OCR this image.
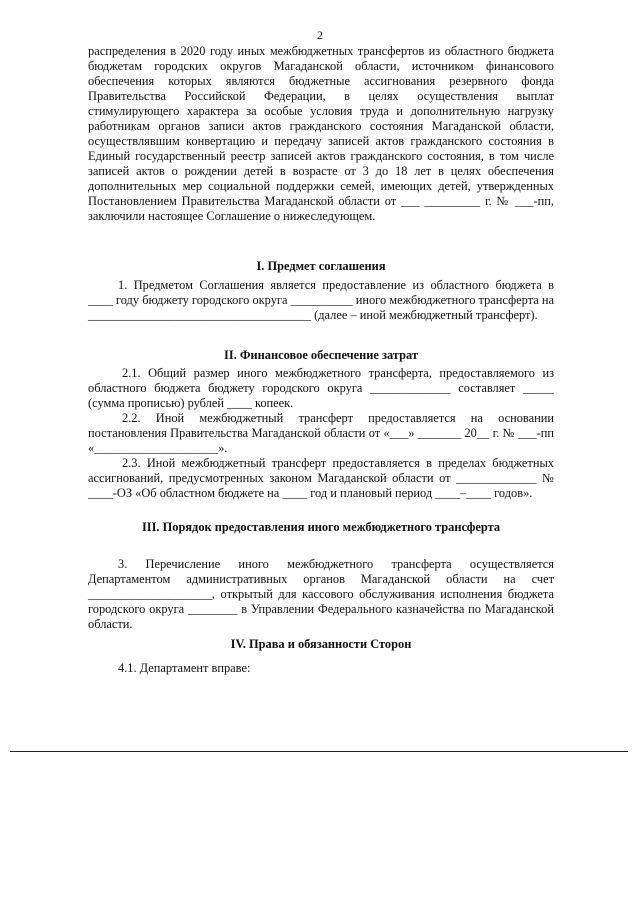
2

распределения в 2020 году иных межбюджетных трансфертов из областного бюджета бюджетам городских округов Магаданской области, источником финансового обеспечения которых являются бюджетные ассигнования резервного фонда Правительства Российской Федерации, в целях осуществления выплат стимулирующего характера за особые условия труда и дополнительную нагрузку работникам органов записи актов гражданского состояния Магаданской области, осуществлявшим конвертацию и передачу записей актов гражданского состояния в Единый государственный реестр записей актов гражданского состояния, в том числе записей актов о рождении детей в возрасте от 3 до 18 лет в целях обеспечения дополнительных мер социальной поддержки семей, имеющих детей, утвержденных Постановлением Правительства Магаданской области от ___ _________ г. № ___-пп, заключили настоящее Соглашение о нижеследующем.

I. Предмет соглашения

1. Предметом Соглашения является предоставление из областного бюджета в ____ году бюджету городского округа __________ иного межбюджетного трансферта на ____________________________________ (далее – иной межбюджетный трансферт).

II. Финансовое обеспечение затрат

2.1. Общий размер иного межбюджетного трансферта, предоставляемого из областного бюджета бюджету городского округа _____________ составляет _____ (сумма прописью) рублей ____ копеек.

2.2. Иной межбюджетный трансферт предоставляется на основании постановления Правительства Магаданской области от «___» _______ 20__ г. № ___-пп «____________________».

2.3. Иной межбюджетный трансферт предоставляется в пределах бюджетных ассигнований, предусмотренных законом Магаданской области от _____________ № ____-ОЗ «Об областном бюджете на ____ год и плановый период ____–____ годов».

III. Порядок предоставления иного межбюджетного трансферта

3. Перечисление иного межбюджетного трансферта осуществляется Департаментом административных органов Магаданской области на счет ____________________, открытый для кассового обслуживания исполнения бюджета городского округа ________ в Управлении Федерального казначейства по Магаданской области.

IV. Права и обязанности Сторон

4.1. Департамент вправе:
